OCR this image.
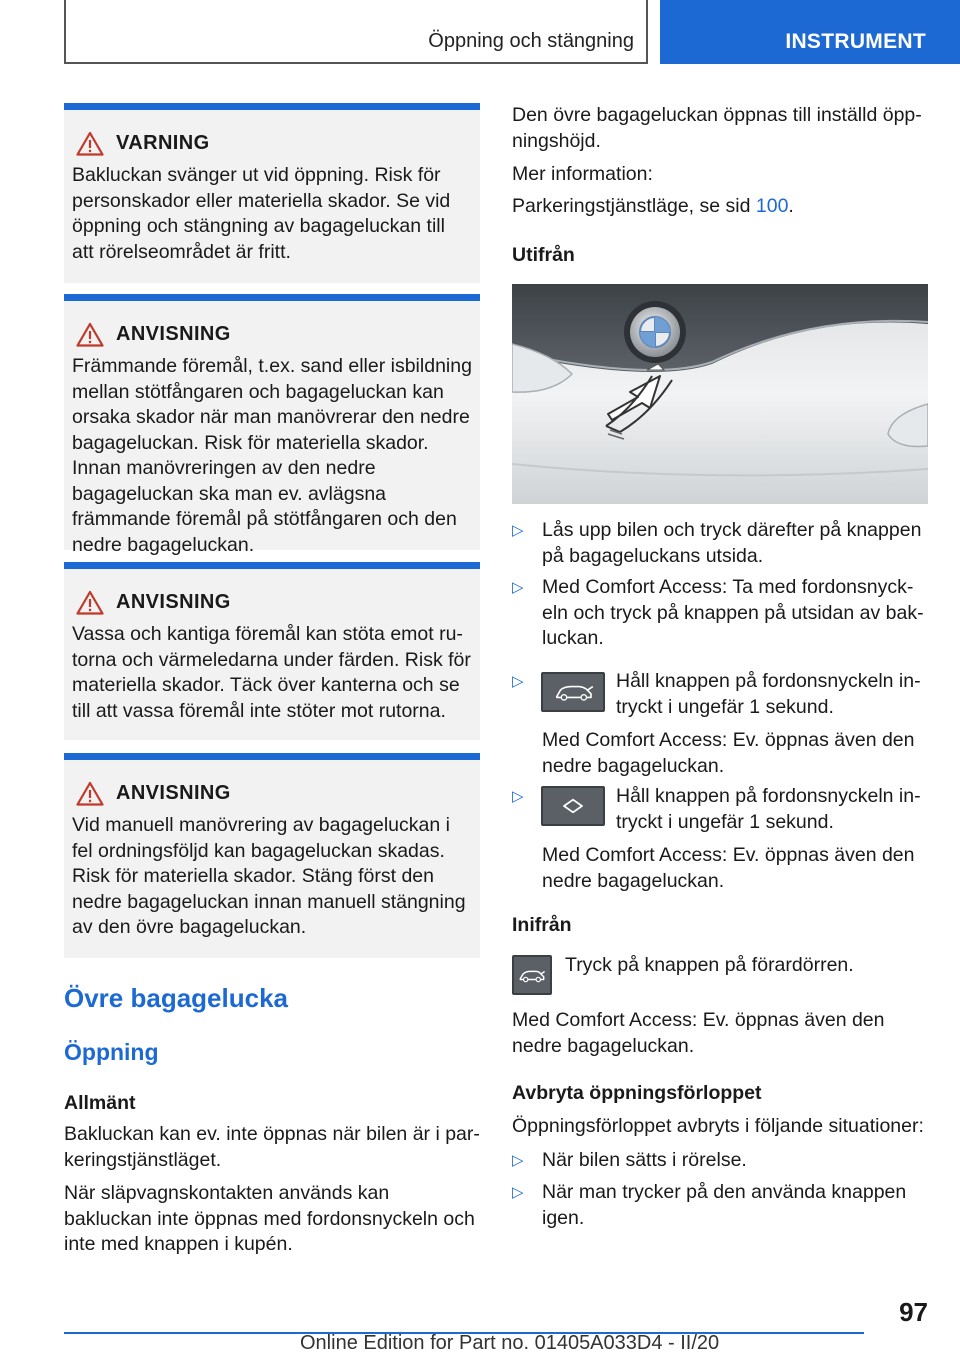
Öppning och stängning	INSTRUMENT
VARNING

Bakluckan svänger ut vid öppning. Risk för personskador eller materiella skador. Se vid öppning och stängning av bagageluckan till att rörelseområdet är fritt.

ANVISNING

Främmande föremål, t.ex. sand eller isbildning mellan stötfångaren och bagageluckan kan orsaka skador när man manövrerar den nedre bagageluckan. Risk för materiella skador. Innan manövreringen av den nedre bagageluckan ska man ev. avlägsna främmande föremål på stötfångaren och den nedre bagageluckan.

ANVISNING

Vassa och kantiga föremål kan stöta emot rutorna och värmeledarna under färden. Risk för materiella skador. Täck över kanterna och se till att vassa föremål inte stöter mot rutorna.

ANVISNING

Vid manuell manövrering av bagageluckan i fel ordningsföljd kan bagageluckan skadas. Risk för materiella skador. Stäng först den nedre bagageluckan innan manuell stängning av den övre bagageluckan.

Övre bagagelucka
Öppning
Allmänt

Bakluckan kan ev. inte öppnas när bilen är i parkeringstjänstläget.

När släpvagnskontakten används kan bakluckan inte öppnas med fordonsnyckeln och inte med knappen i kupén.

Den övre bagageluckan öppnas till inställd öppningshöjd.

Mer information:

Parkeringstjänstläge, se sid 100.

Utifrån
▷ Lås upp bilen och tryck därefter på knappen på bagageluckans utsida.

▷ Med Comfort Access: Ta med fordonsnyckeln och tryck på knappen på utsidan av bakluckan.

▷	Håll knappen på fordonsnyckeln intryckt i ungefär 1 sekund.

Med Comfort Access: Ev. öppnas även den nedre bagageluckan.

▷	Håll knappen på fordonsnyckeln intryckt i ungefär 1 sekund.

Med Comfort Access: Ev. öppnas även den nedre bagageluckan.

Inifrån

Tryck på knappen på förardörren.

Med Comfort Access: Ev. öppnas även den nedre bagageluckan.

Avbryta öppningsförloppet

Öppningsförloppet avbryts i följande situationer:

▷ När bilen sätts i rörelse.

▷ När man trycker på den använda knappen igen.

97
Online Edition for Part no. 01405A033D4 - II/20
